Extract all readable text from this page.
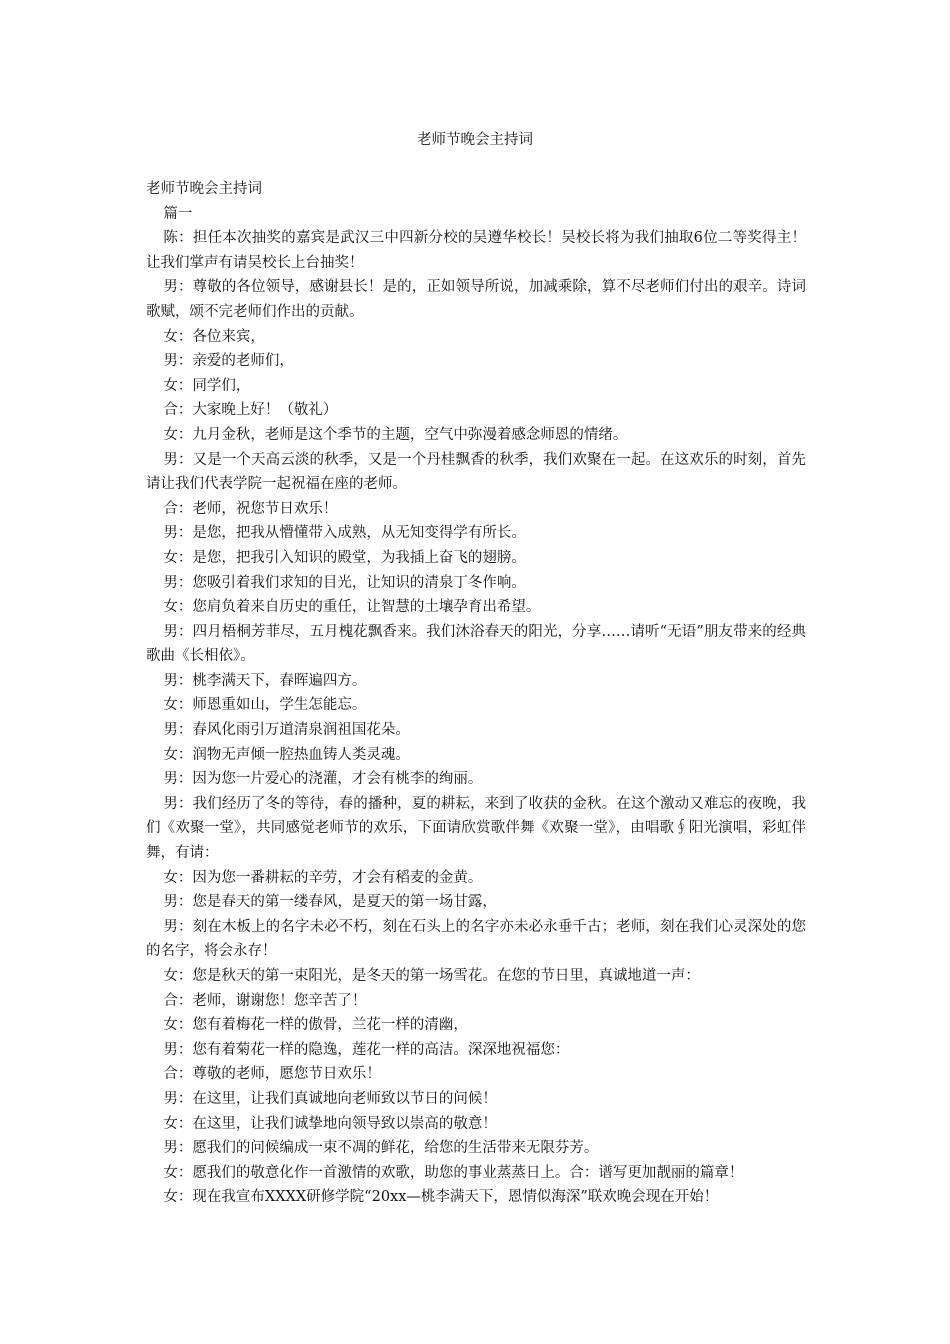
老师节晚会主持词

老师节晚会主持词

篇一

陈：担任本次抽奖的嘉宾是武汉三中四新分校的吴遵华校长！吴校长将为我们抽取6位二等奖得主！让我们掌声有请吴校长上台抽奖！

男：尊敬的各位领导，感谢县长！是的，正如领导所说，加减乘除，算不尽老师们付出的艰辛。诗词歌赋，颂不完老师们作出的贡献。

女：各位来宾，

男：亲爱的老师们，

女：同学们，

合：大家晚上好！（敬礼）

女：九月金秋，老师是这个季节的主题，空气中弥漫着感念师恩的情绪。

男：又是一个天高云淡的秋季，又是一个丹桂飘香的秋季，我们欢聚在一起。在这欢乐的时刻，首先请让我们代表学院一起祝福在座的老师。

合：老师，祝您节日欢乐！

男：是您，把我从懵懂带入成熟，从无知变得学有所长。

女：是您，把我引入知识的殿堂，为我插上奋飞的翅膀。

男：您吸引着我们求知的目光，让知识的清泉丁冬作响。

女：您肩负着来自历史的重任，让智慧的土壤孕育出希望。

男：四月梧桐芳菲尽，五月槐花飘香来。我们沐浴春天的阳光，分享……请听“无语”朋友带来的经典歌曲《长相依》。

男：桃李满天下，春晖遍四方。

女：师恩重如山，学生怎能忘。

男：春风化雨引万道清泉润祖国花朵。

女：润物无声倾一腔热血铸人类灵魂。

男：因为您一片爱心的浇灌，才会有桃李的绚丽。

男：我们经历了冬的等待，春的播种，夏的耕耘，来到了收获的金秋。在这个激动又难忘的夜晚，我们《欢聚一堂》，共同感觉老师节的欢乐，下面请欣赏歌伴舞《欢聚一堂》，由唱歌∮阳光演唱，彩虹伴舞，有请：

女：因为您一番耕耘的辛劳，才会有稻麦的金黄。

男：您是春天的第一缕春风，是夏天的第一场甘露，

男：刻在木板上的名字未必不朽，刻在石头上的名字亦未必永垂千古；老师，刻在我们心灵深处的您的名字，将会永存！

女：您是秋天的第一束阳光，是冬天的第一场雪花。在您的节日里，真诚地道一声：

合：老师，谢谢您！您辛苦了！

女：您有着梅花一样的傲骨，兰花一样的清幽，

男：您有着菊花一样的隐逸，莲花一样的高洁。深深地祝福您：

合：尊敬的老师，愿您节日欢乐！

男：在这里，让我们真诚地向老师致以节日的问候！

女：在这里，让我们诚挚地向领导致以崇高的敬意！

男：愿我们的问候编成一束不凋的鲜花，给您的生活带来无限芬芳。

女：愿我们的敬意化作一首激情的欢歌，助您的事业蒸蒸日上。合：谱写更加靓丽的篇章！

女：现在我宣布XXXX研修学院“20xx—桃李满天下，恩情似海深”联欢晚会现在开始！
